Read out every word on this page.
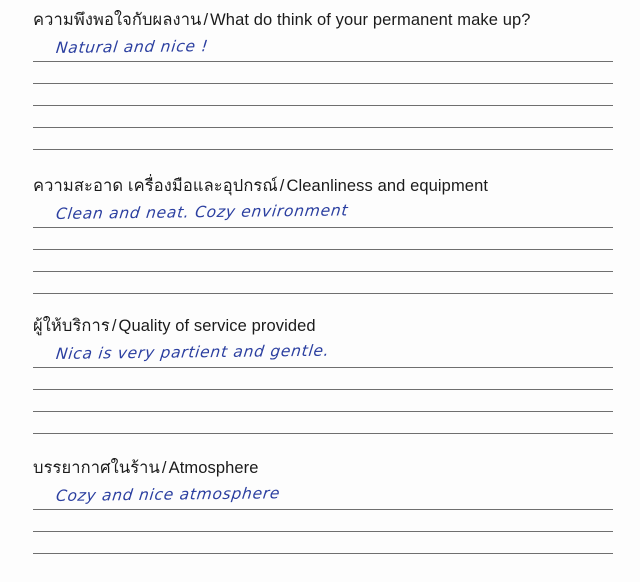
ความพึงพอใจกับผลงาน / What do think of your permanent make up?
Natural and nice !
ความสะอาด เครื่องมือและอุปกรณ์ / Cleanliness and equipment
Clean and neat. Cozy environment
ผู้ให้บริการ / Quality of service provided
Nica is very partient and gentle.
บรรยากาศในร้าน / Atmosphere
Cozy and nice atmosphere
